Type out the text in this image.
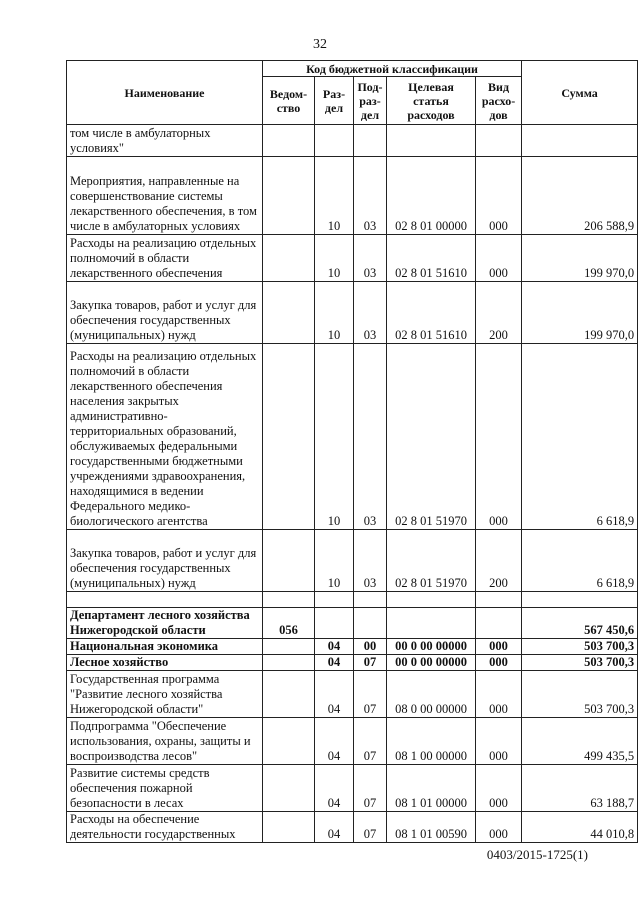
32
Наименование	Код бюджетной классификации					Сумма
	Ведом-ство	Раз-дел	Под-раз-дел	Целевая статья расходов	Вид расхо-дов	
том числе в амбулаторных условиях"						
Мероприятия, направленные на совершенствование системы лекарственного обеспечения, в том числе в амбулаторных условиях		10	03	02 8 01 00000	000	206 588,9
Расходы на реализацию отдельных полномочий в области лекарственного обеспечения		10	03	02 8 01 51610	000	199 970,0
Закупка товаров, работ и услуг для обеспечения государственных (муниципальных) нужд		10	03	02 8 01 51610	200	199 970,0
Расходы на реализацию отдельных полномочий в области лекарственного обеспечения населения закрытых административно-территориальных образований, обслуживаемых федеральными государственными бюджетными учреждениями здравоохранения, находящимися в ведении Федерального медико-биологического агентства		10	03	02 8 01 51970	000	6 618,9
Закупка товаров, работ и услуг для обеспечения государственных (муниципальных) нужд		10	03	02 8 01 51970	200	6 618,9

Департамент лесного хозяйства Нижегородской области	056					567 450,6
Национальная экономика		04	00	00 0 00 00000	000	503 700,3
Лесное хозяйство		04	07	00 0 00 00000	000	503 700,3
Государственная программа "Развитие лесного хозяйства Нижегородской области"		04	07	08 0 00 00000	000	503 700,3
Подпрограмма "Обеспечение использования, охраны, защиты и воспроизводства лесов"		04	07	08 1 00 00000	000	499 435,5
Развитие системы средств обеспечения пожарной безопасности в лесах		04	07	08 1 01 00000	000	63 188,7
Расходы на обеспечение деятельности государственных		04	07	08 1 01 00590	000	44 010,8
0403/2015-1725(1)
